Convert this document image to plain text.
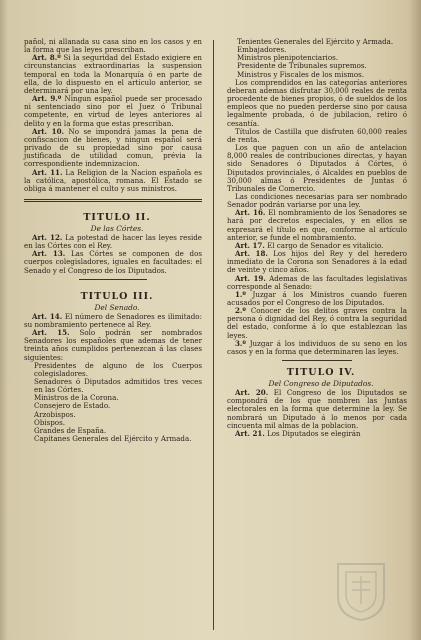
pañol, ni allanada su casa sino en los casos y en la forma que las leyes prescriban.

Art. 8.º Si la seguridad del Estado exigiere en circunstancias extraordinarias la suspension temporal en toda la Monarquía ó en parte de ella, de lo dispuesto en el artículo anterior, se determinará por una ley.

Art. 9.º Ningun español puede ser procesado ni sentenciado sino por el Juez ó Tribunal competente, en virtud de leyes anteriores al delito y en la forma que estas prescriban.

Art. 10. No se impondrá jamas la pena de confiscacion de bienes, y ningun español será privado de su propiedad sino por causa justificada de utilidad comun, prévia la correspondiente indemnizacion.

Art. 11. La Religion de la Nacion española es la católica, apostólica, romana. El Estado se obliga á mantener el culto y sus ministros.

TITULO II.

De las Córtes.

Art. 12. La potestad de hacer las leyes reside en las Córtes con el Rey.

Art. 13. Las Córtes se componen de dos cuerpos colegisladores, iguales en facultades: el Senado y el Congreso de los Diputados.

TITULO III.

Del Senado.

Art. 14. El número de Senadores es ilimitado: su nombramiento pertenece al Rey.

Art. 15. Solo podrán ser nombrados Senadores los españoles que ademas de tener treinta años cumplidos pertenezcan á las clases siguientes:

Presidentes de alguno de los Cuerpos colegisladores.

Senadores ó Diputados admitidos tres veces en las Córtes.

Ministros de la Corona.

Consejero de Estado.

Arzobispos.

Obispos.

Grandes de España.

Capitanes Generales del Ejército y Armada.

Tenientes Generales del Ejército y Armada.

Embajadores.

Ministros plenipotenciarios.

Presidente de Tribunales supremos.

Ministros y Fiscales de los mismos.

Los comprendidos en las categorías anteriores deberan ademas disfrutar 30,000 reales de renta procedente de bienes propios, ó de sueldos de los empleos que no pueden perderse sino por causa legalmente probada, ó de jubilacion, retiro ó cesantía.

Títulos de Castilla que disfruten 60,000 reales de renta.

Los que paguen con un año de antelacion 8,000 reales de contribuciones directas, y hayan sido Senadores ó Diputados á Córtes, ó Diputados provinciales, ó Alcaldes en pueblos de 30,000 almas ó Presidentes de Juntas ó Tribunales de Comercio.

Las condiciones necesarias para ser nombrado Senador podrán variarse por una ley.

Art. 16. El nombramiento de los Senadores se hará por decretos especiales, y en ellos se expresará el título en que, conforme al artículo anterior, se funde el nombramiento.

Art. 17. El cargo de Senador es vitalicio.

Art. 18. Los hijos del Rey y del heredero inmediato de la Corona son Senadores á la edad de veinte y cinco años.

Art. 19. Ademas de las facultades legislativas corresponde al Senado:

1.º Juzgar á los Ministros cuando fueren acusados por el Congreso de los Diputados.

2.º Conocer de los delitos graves contra la persona ó dignidad del Rey, ó contra la seguridad del estado, conforme á lo que establezcan las leyes.

3.º Juzgar á los individuos de su seno en los casos y en la forma que determinaren las leyes.

TITULO IV.

Del Congreso de Diputados.

Art. 20. El Congreso de los Diputados se compondrá de los que nombren las Juntas electorales en la forma que determine la ley. Se nombrará un Diputado á lo menos por cada cincuenta mil almas de la poblacion.

Art. 21. Los Diputados se elegirán
